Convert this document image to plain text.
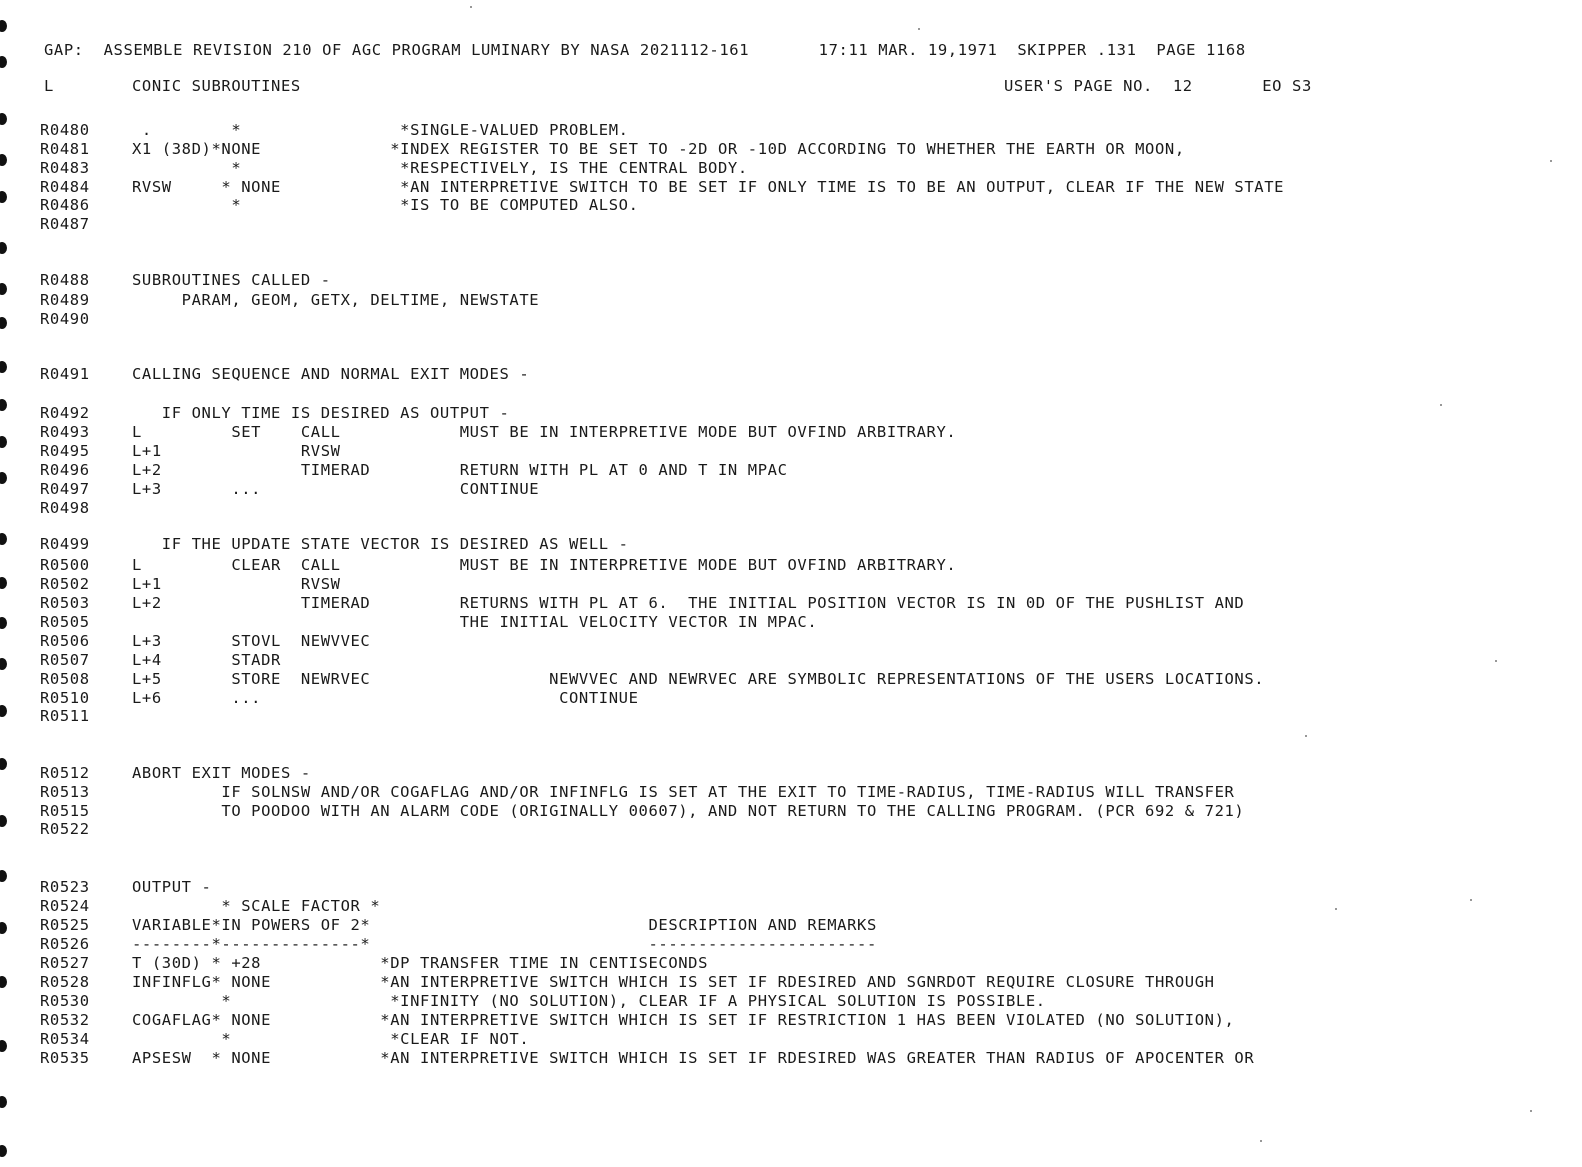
GAP:  ASSEMBLE REVISION 210 OF AGC PROGRAM LUMINARY BY NASA 2021112-161       17:11 MAR. 19,1971  SKIPPER .131  PAGE 1168

L

	CONIC SUBROUTINES

	USER'S PAGE NO.  12       EO S3

R0480	.        *                *SINGLE-VALUED PROBLEM.
R0481	X1 (38D)*NONE             *INDEX REGISTER TO BE SET TO -2D OR -10D ACCORDING TO WHETHER THE EARTH OR MOON,
R0483	*                *RESPECTIVELY, IS THE CENTRAL BODY.
R0484	RVSW     * NONE            *AN INTERPRETIVE SWITCH TO BE SET IF ONLY TIME IS TO BE AN OUTPUT, CLEAR IF THE NEW STATE
R0486	*                *IS TO BE COMPUTED ALSO.
R0487
R0488	SUBROUTINES CALLED -
R0489	PARAM, GEOM, GETX, DELTIME, NEWSTATE
R0490
R0491	CALLING SEQUENCE AND NORMAL EXIT MODES -
R0492	IF ONLY TIME IS DESIRED AS OUTPUT -
R0493	L         SET    CALL            MUST BE IN INTERPRETIVE MODE BUT OVFIND ARBITRARY.
R0495	L+1              RVSW
R0496	L+2              TIMERAD         RETURN WITH PL AT 0 AND T IN MPAC
R0497	L+3       ...                    CONTINUE
R0498
R0499	IF THE UPDATE STATE VECTOR IS DESIRED AS WELL -
R0500	L         CLEAR  CALL            MUST BE IN INTERPRETIVE MODE BUT OVFIND ARBITRARY.
R0502	L+1              RVSW
R0503	L+2              TIMERAD         RETURNS WITH PL AT 6.  THE INITIAL POSITION VECTOR IS IN 0D OF THE PUSHLIST AND
R0505	THE INITIAL VELOCITY VECTOR IN MPAC.
R0506	L+3       STOVL  NEWVVEC
R0507	L+4       STADR
R0508	L+5       STORE  NEWRVEC                  NEWVVEC AND NEWRVEC ARE SYMBOLIC REPRESENTATIONS OF THE USERS LOCATIONS.
R0510	L+6       ...                              CONTINUE
R0511
R0512	ABORT EXIT MODES -
R0513	IF SOLNSW AND/OR COGAFLAG AND/OR INFINFLG IS SET AT THE EXIT TO TIME-RADIUS, TIME-RADIUS WILL TRANSFER
R0515	TO POODOO WITH AN ALARM CODE (ORIGINALLY 00607), AND NOT RETURN TO THE CALLING PROGRAM. (PCR 692 & 721)
R0522
R0523	OUTPUT -
R0524	* SCALE FACTOR *
R0525	VARIABLE*IN POWERS OF 2*                            DESCRIPTION AND REMARKS
R0526	--------*--------------*                            -----------------------
R0527	T (30D) * +28            *DP TRANSFER TIME IN CENTISECONDS
R0528	INFINFLG* NONE           *AN INTERPRETIVE SWITCH WHICH IS SET IF RDESIRED AND SGNRDOT REQUIRE CLOSURE THROUGH
R0530	*                *INFINITY (NO SOLUTION), CLEAR IF A PHYSICAL SOLUTION IS POSSIBLE.
R0532	COGAFLAG* NONE           *AN INTERPRETIVE SWITCH WHICH IS SET IF RESTRICTION 1 HAS BEEN VIOLATED (NO SOLUTION),
R0534	*                *CLEAR IF NOT.
R0535	APSESW  * NONE           *AN INTERPRETIVE SWITCH WHICH IS SET IF RDESIRED WAS GREATER THAN RADIUS OF APOCENTER OR
